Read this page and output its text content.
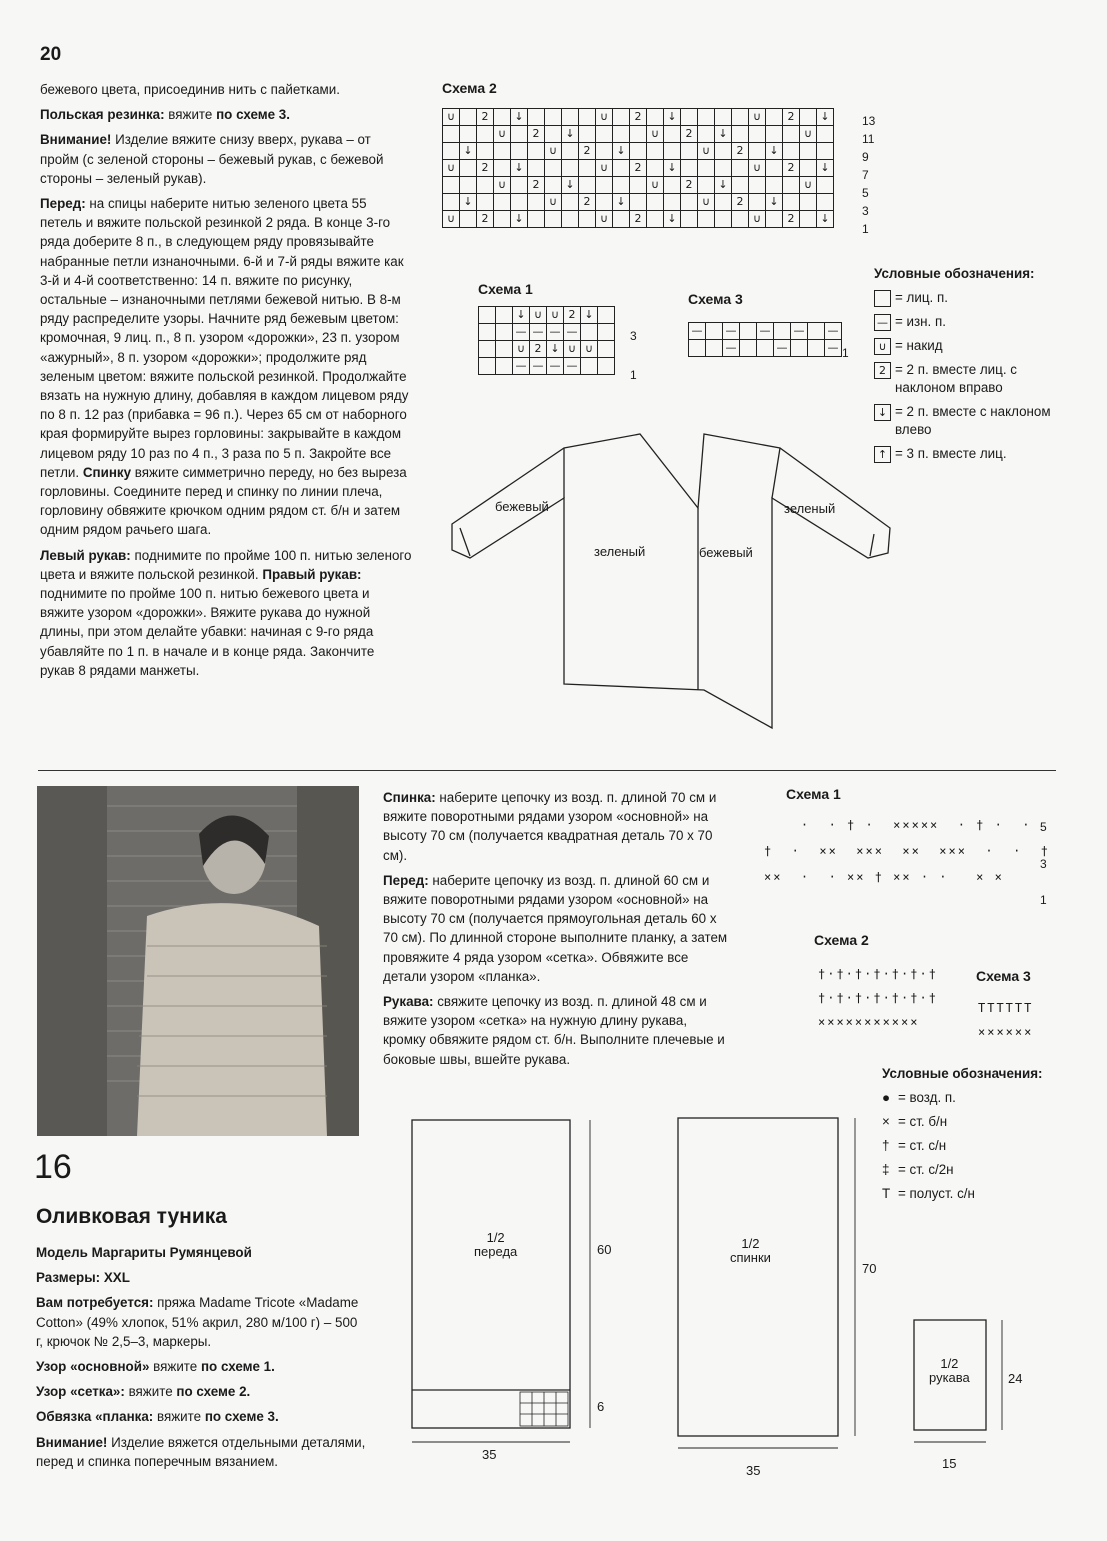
20

бежевого цвета, присоединив нить с пайетками.

Польская резинка: вяжите по схеме 3.

Внимание! Изделие вяжите снизу вверх, рукава – от пройм (с зеленой стороны – бежевый рукав, с бежевой стороны – зеленый рукав).

Перед: на спицы наберите нитью зеленого цвета 55 петель и вяжите польской резинкой 2 ряда. В конце 3-го ряда доберите 8 п., в следующем ряду провязывайте набранные петли изнаночными. 6-й и 7-й ряды вяжите как 3-й и 4-й соответственно: 14 п. вяжите по рисунку, остальные – изнаночными петлями бежевой нитью. В 8-м ряду распределите узоры. Начните ряд бежевым цветом: кромочная, 9 лиц. п., 8 п. узором «дорожки», 23 п. узором «ажурный», 8 п. узором «дорожки»; продолжите ряд зеленым цветом: вяжите польской резинкой. Продолжайте вязать на нужную длину, добавляя в каждом лицевом ряду по 8 п. 12 раз (прибавка = 96 п.). Через 65 см от наборного края формируйте вырез горловины: закрывайте в каждом лицевом ряду 10 раз по 4 п., 3 раза по 5 п. Закройте все петли. Спинку вяжите симметрично переду, но без выреза горловины. Соедините перед и спинку по линии плеча, горловину обвяжите крючком одним рядом ст. б/н и затем одним рядом рачьего шага.

Левый рукав: поднимите по пройме 100 п. нитью зеленого цвета и вяжите польской резинкой. Правый рукав: поднимите по пройме 100 п. нитью бежевого цвета и вяжите узором «дорожки». Вяжите рукава до нужной длины, при этом делайте убавки: начиная с 9-го ряда убавляйте по 1 п. в начале и в конце ряда. Закончите рукав 8 рядами манжеты.

Схема 2
∪		2		↓					∪		2		↓					∪		2		↓
			∪		2		↓					∪		2		↓					∪	
	↓					∪		2		↓					∪		2		↓			
∪		2		↓					∪		2		↓					∪		2		↓
			∪		2		↓					∪		2		↓					∪	
	↓					∪		2		↓					∪		2		↓			
∪		2		↓					∪		2		↓					∪		2		↓
13
11
9
7
5
3
1
Схема 1
		↓	∪	∪	2	↓	
		—	—	—	—		
		∪	2	↓	∪	∪	
		—	—	—	—		
3
1
Схема 3
—		—		—		—		—
		—			—			— 1
Условные обозначения:
= лиц. п.
— = изн. п.
∪ = накид
2 = 2 п. вместе лиц. с наклоном вправо
↓ = 2 п. вместе с наклоном влево
↑ = 3 п. вместе лиц.
бежевый
зеленый	бежевый
зеленый
16
Оливковая туника

Модель Маргариты Румянцевой

Размеры: XXL

Вам потребуется: пряжа Madame Tricote «Madame Cotton» (49% хлопок, 51% акрил, 280 м/100 г) – 500 г, крючок № 2,5–3, маркеры.

Узор «основной» вяжите по схеме 1.

Узор «сетка»: вяжите по схеме 2.

Обвязка «планка: вяжите по схеме 3.

Внимание! Изделие вяжется отдельными деталями, перед и спинка поперечным вязанием.

Спинка: наберите цепочку из возд. п. длиной 70 см и вяжите поворотными рядами узором «основной» на высоту 70 см (получается квадратная деталь 70 х 70 см).

Перед: наберите цепочку из возд. п. длиной 60 см и вяжите поворотными рядами узором «основной» на высоту 70 см (получается прямоугольная деталь 60 х 70 см). По длинной стороне выполните планку, а затем провяжите 4 ряда узором «сетка». Обвяжите все детали узором «планка».

Рукава: свяжите цепочку из возд. п. длиной 48 см и вяжите узором «сетка» на нужную длину рукава, кромку обвяжите рядом ст. б/н. Выполните плечевые и боковые швы, вшейте рукава.

Схема 1
·  · † ·  ×××××  · † ·  ·
†  ·  ××  ×××  ××  ×××  ·  ·  †
××  ·  · ×× † ×× · ·   × ×

5
3
1
Схема 2
†·†·†·†·†·†·†
†·†·†·†·†·†·†
×××××××××××
Схема 3
TTTTTT
××××××
Условные обозначения:
● = возд. п.
× = ст. б/н
† = ст. с/н
‡ = ст. с/2н
T = полуст. с/н
1/2
переда	60
6
35
1/2
спинки
70
35
1/2
рукава	24
15
